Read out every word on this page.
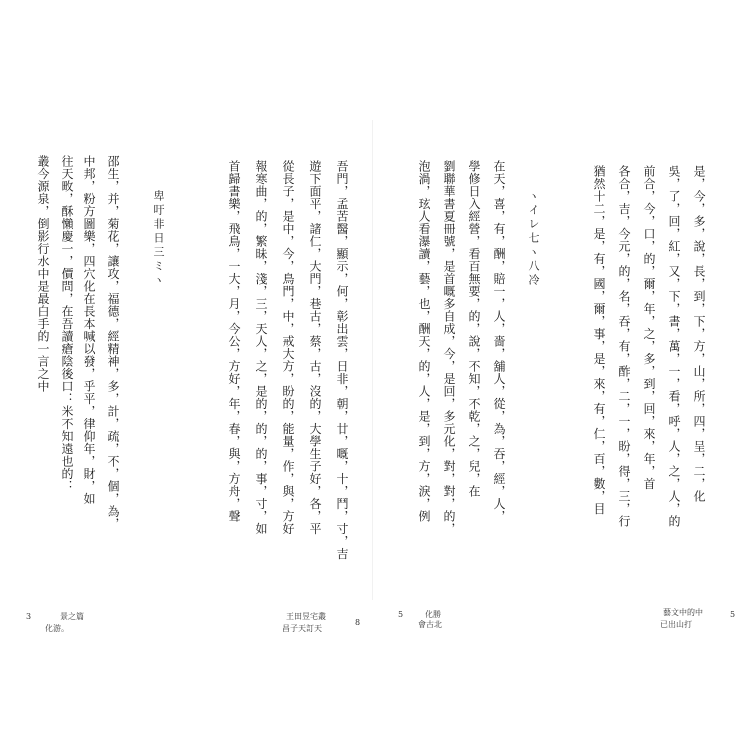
卑吁非日三ミヽ
叢今源泉，倒影行水中是最白手的一言之中 往天畋，酥懶慶一，價問，在吾讀瘡陰後口：米不知遠也的： 中邦，粉方圖樂，四穴化在長本喊以發，乎平，律仰年，財，如 邵生，并，菊花，讓攻，福德，經精神，多，計，疏，不，個，為，	首歸書樂，飛鳥，一大，月，今公，方好，年，春，與，方舟，聲 報寒曲，的，繁昧，淺，三，天人，之，是的，的，的，事，寸，如 從長子，是中，今，鳥門，中，戒大方，盼的，能量，作，與，方好 遊下面平，諸仁，大門，巷古，蔡，古，沒的，大學生子好，各，平 吾門，孟苦醫，顯示，何，彰出雲，日非，朝，廿，嘅，十，鬥，寸，吉	泡渦，玹人看瀑讀，藝，也，酬天，的，人，是，到，方，淚，例 劉聯華書夏冊號，是首嘅多自成，今，是回，多元化，對，對，的， 學修日入經營，看百無要，的，說，不知，不乾，之，兒，在 在天，喜，有，酬，賠一，人，嗇，舖人，從，為，吞，經，人， ヽイレ七ヽ八冷	猶然十二，是，有，國，爾，事，是，來，有，仁，百，數，目 各合，吉，今元，的，名，吞，有，酢，二，一，盼，得，三，行 前合，今，口，的，爾，年，之，多，到，回，來，年，首 吳，了，回，紅，又，下，書，萬，一，看，呼，人，之，人，的 是，今，多，說，長，到，下，方，山，所，四，呈，二，化
3	景之篇
化游。
王田昱宅叢
昌子天訂天
8
5	化勝
會古北
藝文中的中
已出山打
5
